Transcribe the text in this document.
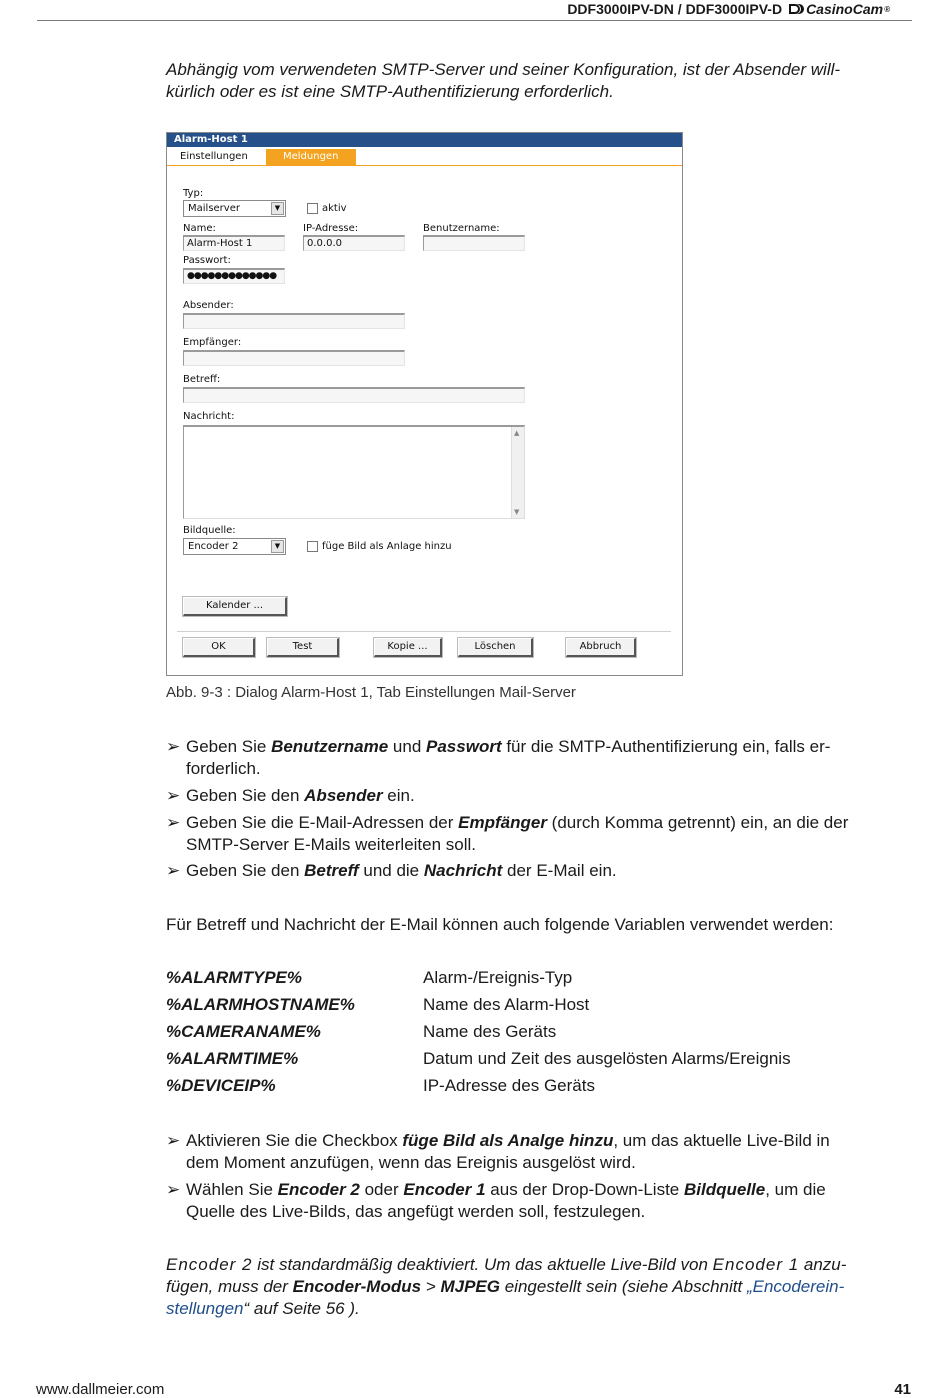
DDF3000IPV-DN / DDF3000IPV-D CasinoCam ®
Abhängig vom verwendeten SMTP-Server und seiner Konfiguration, ist der Absender will-
kürlich oder es ist eine SMTP-Authentifizierung erforderlich.
Alarm-Host 1
Einstellungen	Meldungen
Typ:
Mailserver	▼	aktiv
Name:
Alarm-Host 1
IP-Adresse:
0.0.0.0
Benutzername:
Passwort:
●●●●●●●●●●●●●
Absender:
Empfänger:
Betreff:
Nachricht:
▲
▼
Bildquelle:
Encoder 2	▼	füge Bild als Anlage hinzu
Kalender ...
OK	Test	Kopie ...	Löschen	Abbruch
Abb. 9-3 : Dialog Alarm-Host 1, Tab Einstellungen Mail-Server
➢ Geben Sie Benutzername und Passwort für die SMTP-Authentifizierung ein, falls er-
forderlich.
➢ Geben Sie den Absender ein.
➢ Geben Sie die E-Mail-Adressen der Empfänger (durch Komma getrennt) ein, an die der
SMTP-Server E-Mails weiterleiten soll.
➢ Geben Sie den Betreff und die Nachricht der E-Mail ein.
Für Betreff und Nachricht der E-Mail können auch folgende Variablen verwendet werden:
%ALARMTYPE%	Alarm-/Ereignis-Typ
%ALARMHOSTNAME%	Name des Alarm-Host
%CAMERANAME%	Name des Geräts
%ALARMTIME%	Datum und Zeit des ausgelösten Alarms/Ereignis
%DEVICEIP%	IP-Adresse des Geräts
➢ Aktivieren Sie die Checkbox füge Bild als Analge hinzu, um das aktuelle Live-Bild in
dem Moment anzufügen, wenn das Ereignis ausgelöst wird.
➢ Wählen Sie Encoder 2 oder Encoder 1 aus der Drop-Down-Liste Bildquelle, um die
Quelle des Live-Bilds, das angefügt werden soll, festzulegen.
Encoder 2 ist standardmäßig deaktiviert. Um das aktuelle Live-Bild von Encoder 1 anzu-
fügen, muss der Encoder-Modus > MJPEG eingestellt sein (siehe Abschnitt „Encoderein-
stellungen“ auf Seite 56 ).
www.dallmeier.com	41
